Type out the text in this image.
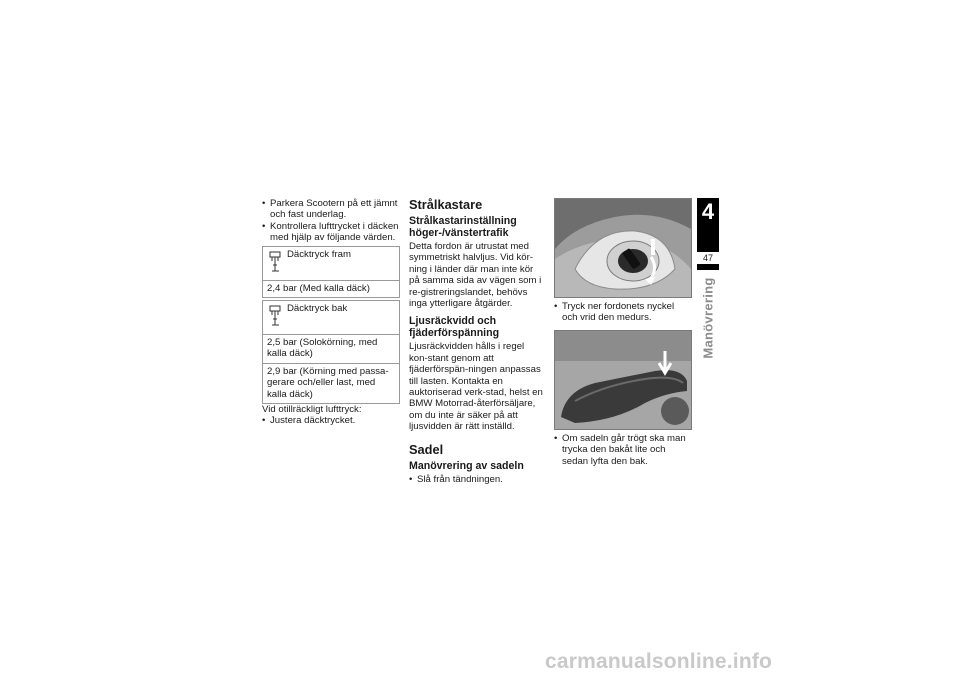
• Parkera Scootern på ett jämnt och fast underlag.

• Kontrollera lufttrycket i däcken med hjälp av följande värden.

Däcktryck fram
2,4 bar (Med kalla däck)
Däcktryck bak
2,5 bar (Solokörning, med kalla däck)
2,9 bar (Körning med passa-gerare och/eller last, med kalla däck)

Vid otillräckligt lufttryck:

• Justera däcktrycket.

Strålkastare
Strålkastarinställning höger-/vänstertrafik

Detta fordon är utrustat med symmetriskt halvljus. Vid kör-ning i länder där man inte kör på samma sida av vägen som i re-gistreringslandet, behövs inga ytterligare åtgärder.

Ljusräckvidd och fjäderförspänning

Ljusräckvidden hålls i regel kon-stant genom att fjäderförspän-ningen anpassas till lasten. Kontakta en auktoriserad verk-stad, helst en BMW Motorrad-återförsäljare, om du inte är säker på att ljusvidden är rätt inställd.

Sadel
Manövrering av sadeln

• Slå från tändningen.

• Tryck ner fordonets nyckel och vrid den medurs.

• Om sadeln går trögt ska man trycka den bakåt lite och sedan lyfta den bak.

4
47
Manövrering
carmanualsonline.info
